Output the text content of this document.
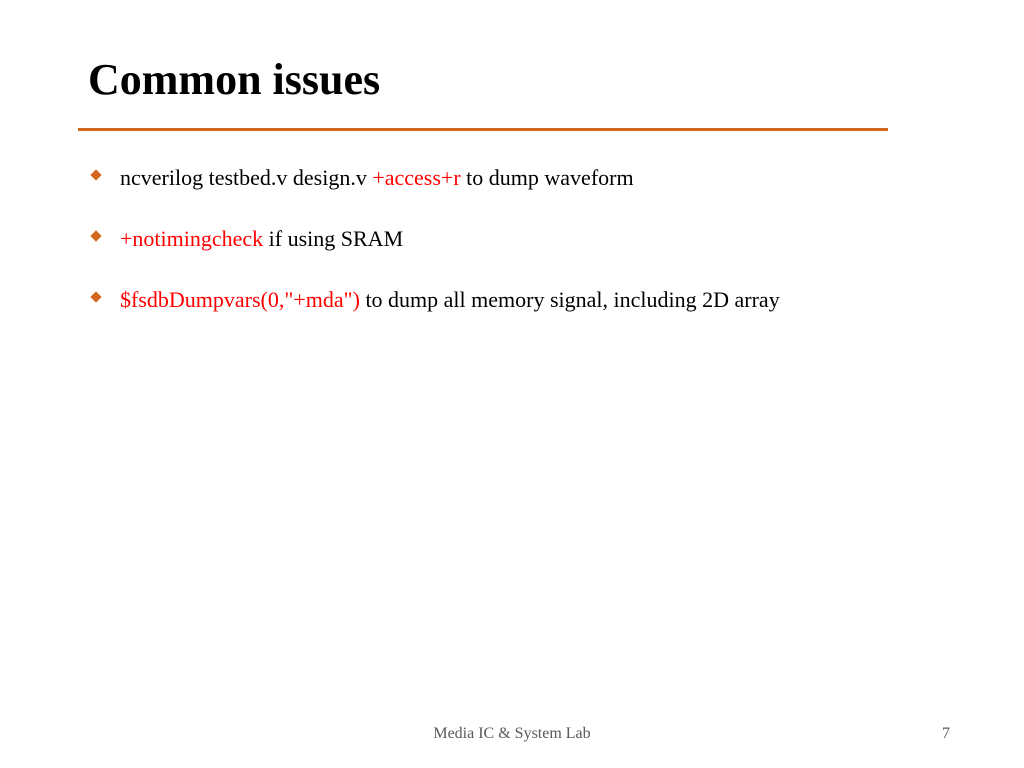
Common issues
ncverilog testbed.v design.v +access+r to dump waveform
+notimingcheck if using SRAM
$fsdbDumpvars(0,"+mda") to dump all memory signal, including 2D array
Media IC & System Lab	7
